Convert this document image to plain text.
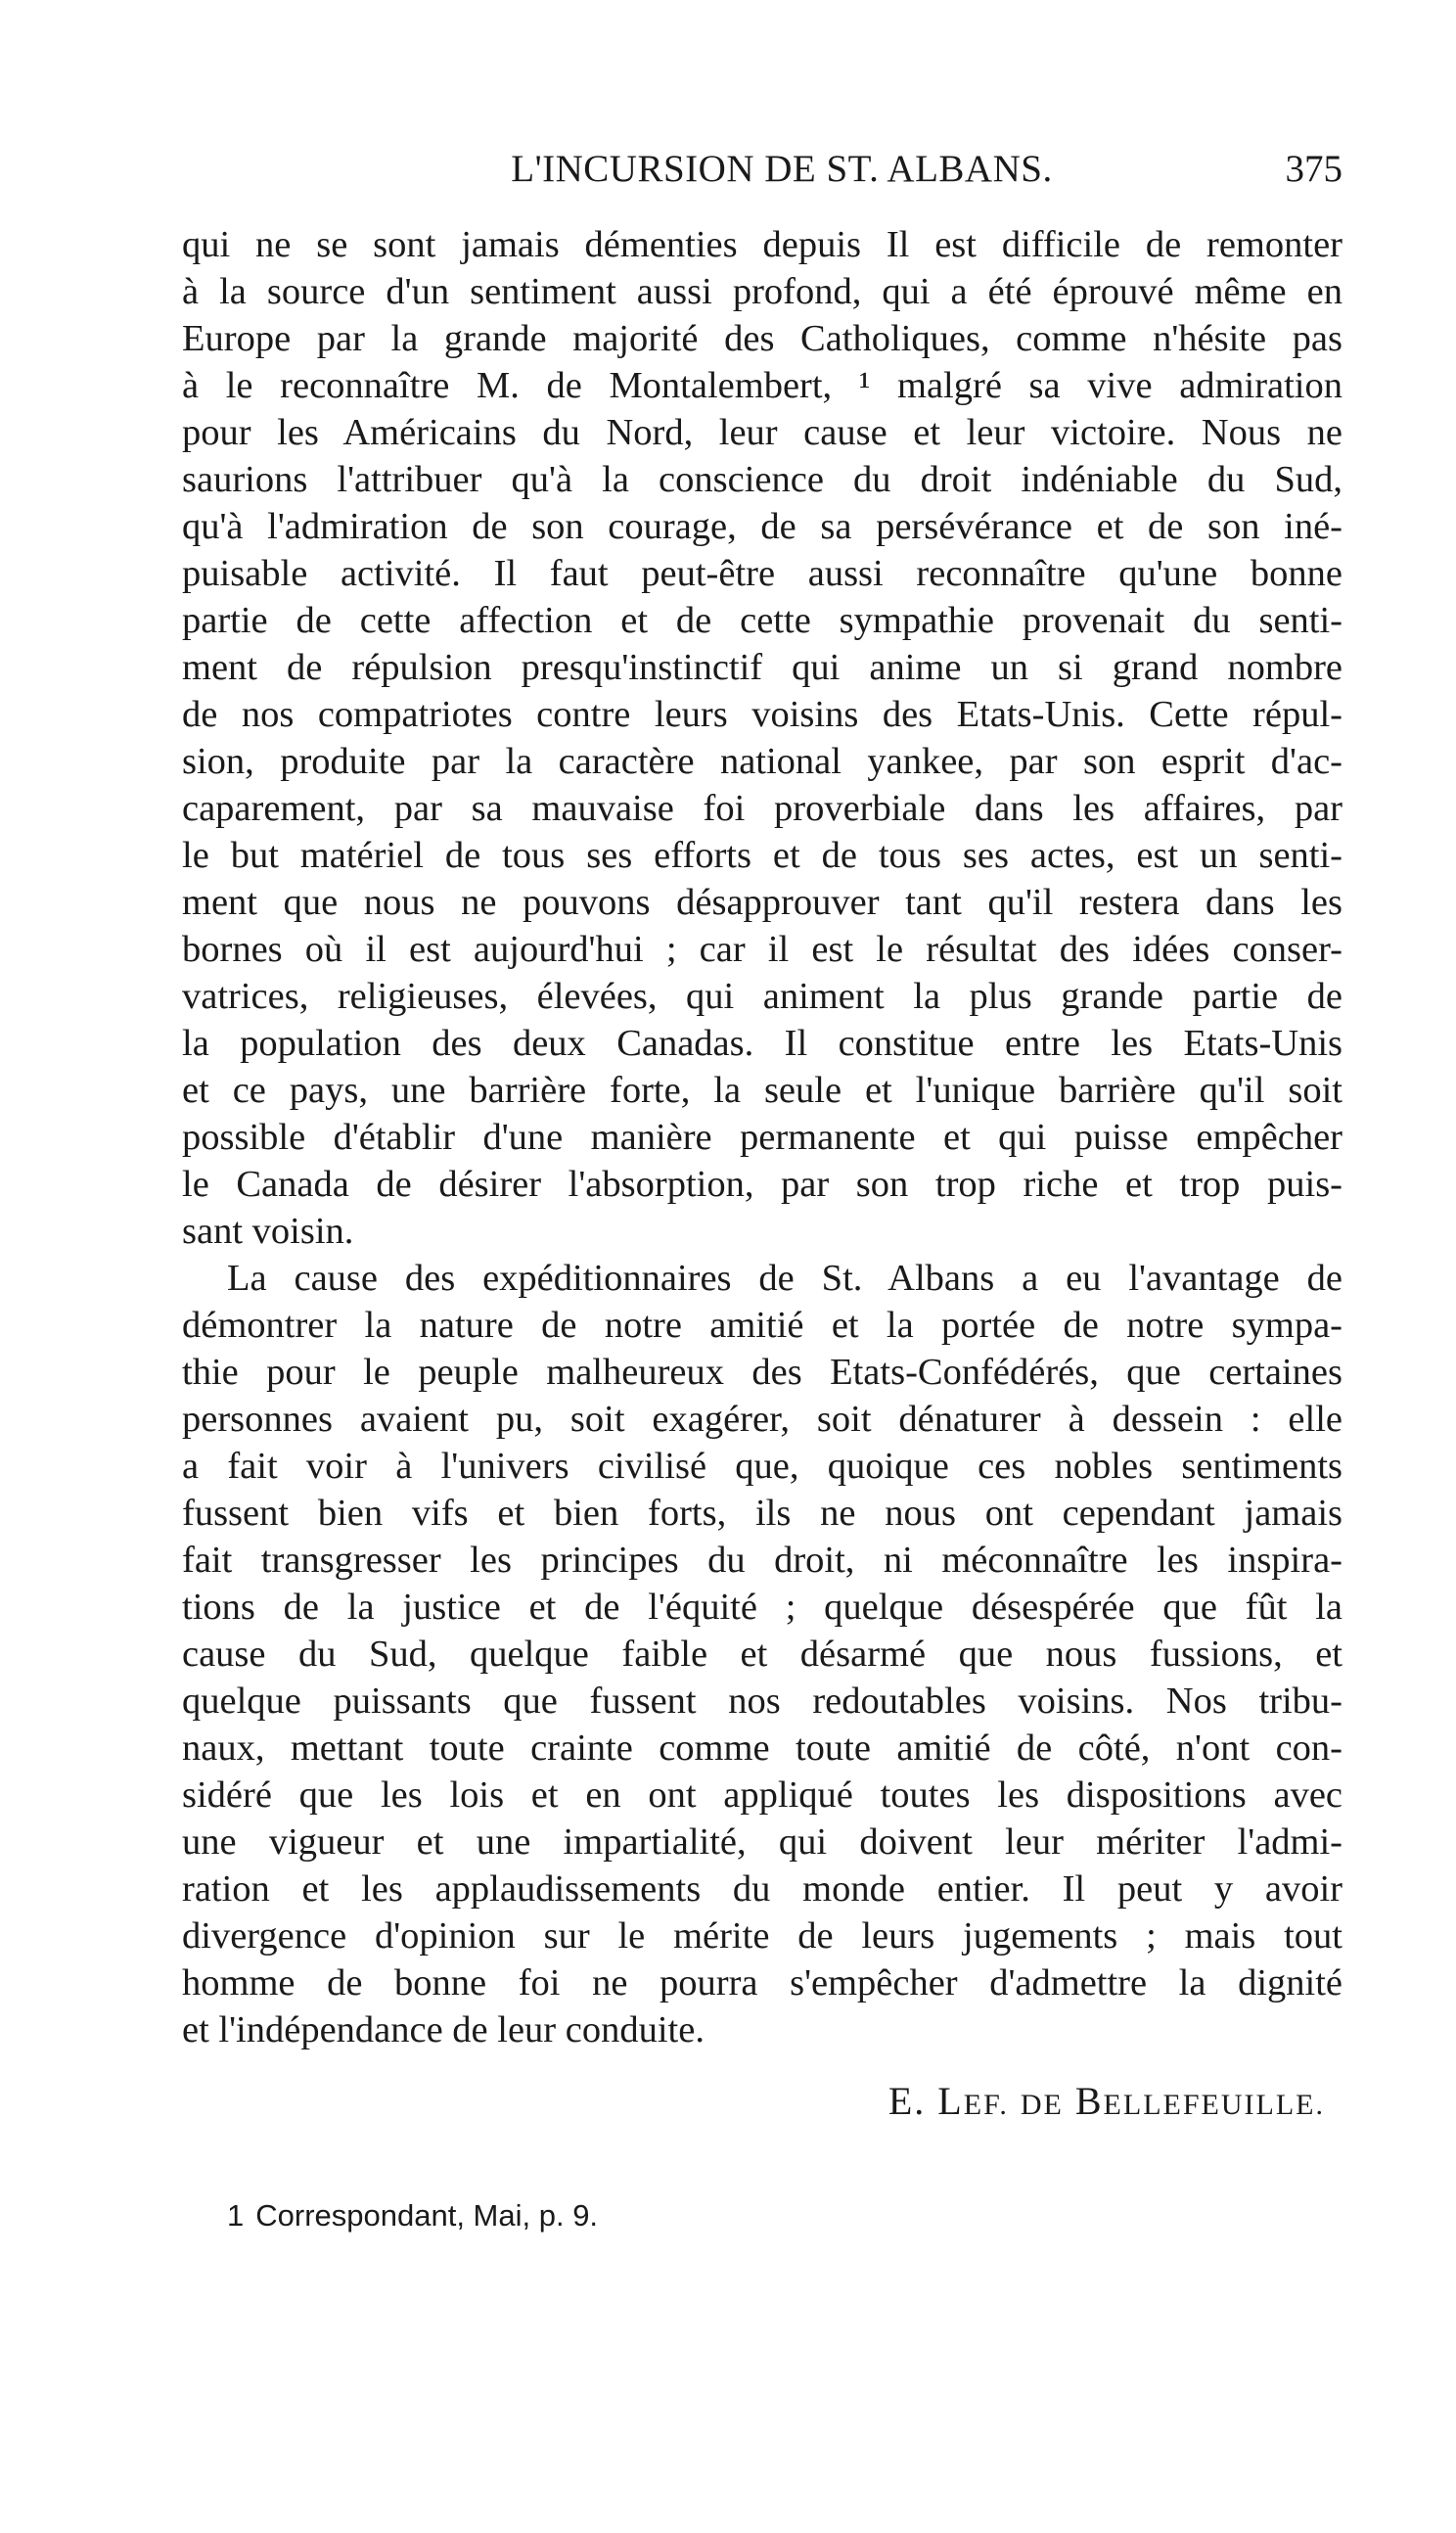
L'INCURSION DE ST. ALBANS.	375
qui ne se sont jamais démenties depuis Il est difficile de remonter
à la source d'un sentiment aussi profond, qui a été éprouvé même en
Europe par la grande majorité des Catholiques, comme n'hésite pas
à le reconnaître M. de Montalembert, ¹ malgré sa vive admiration
pour les Américains du Nord, leur cause et leur victoire. Nous ne
saurions l'attribuer qu'à la conscience du droit indéniable du Sud,
qu'à l'admiration de son courage, de sa persévérance et de son iné-
puisable activité. Il faut peut-être aussi reconnaître qu'une bonne
partie de cette affection et de cette sympathie provenait du senti-
ment de répulsion presqu'instinctif qui anime un si grand nombre
de nos compatriotes contre leurs voisins des Etats-Unis. Cette répul-
sion, produite par la caractère national yankee, par son esprit d'ac-
caparement, par sa mauvaise foi proverbiale dans les affaires, par
le but matériel de tous ses efforts et de tous ses actes, est un senti-
ment que nous ne pouvons désapprouver tant qu'il restera dans les
bornes où il est aujourd'hui ; car il est le résultat des idées conser-
vatrices, religieuses, élevées, qui animent la plus grande partie de
la population des deux Canadas. Il constitue entre les Etats-Unis
et ce pays, une barrière forte, la seule et l'unique barrière qu'il soit
possible d'établir d'une manière permanente et qui puisse empêcher
le Canada de désirer l'absorption, par son trop riche et trop puis-
sant voisin.
La cause des expéditionnaires de St. Albans a eu l'avantage de
démontrer la nature de notre amitié et la portée de notre sympa-
thie pour le peuple malheureux des Etats-Confédérés, que certaines
personnes avaient pu, soit exagérer, soit dénaturer à dessein : elle
a fait voir à l'univers civilisé que, quoique ces nobles sentiments
fussent bien vifs et bien forts, ils ne nous ont cependant jamais
fait transgresser les principes du droit, ni méconnaître les inspira-
tions de la justice et de l'équité ; quelque désespérée que fût la
cause du Sud, quelque faible et désarmé que nous fussions, et
quelque puissants que fussent nos redoutables voisins. Nos tribu-
naux, mettant toute crainte comme toute amitié de côté, n'ont con-
sidéré que les lois et en ont appliqué toutes les dispositions avec
une vigueur et une impartialité, qui doivent leur mériter l'admi-
ration et les applaudissements du monde entier. Il peut y avoir
divergence d'opinion sur le mérite de leurs jugements ; mais tout
homme de bonne foi ne pourra s'empêcher d'admettre la dignité
et l'indépendance de leur conduite.
E. LEF. DE BELLEFEUILLE.
1 Correspondant, Mai, p. 9.
